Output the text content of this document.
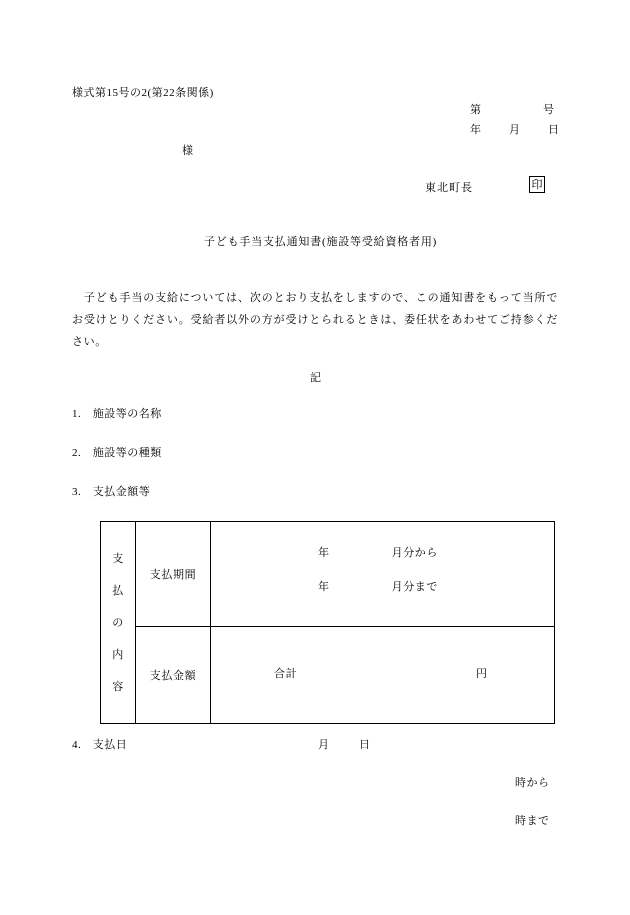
様式第15号の2(第22条関係)
第	号
年	月	日
様
東北町長	印
子ども手当支払通知書(施設等受給資格者用)
　子ども手当の支給については、次のとおり支払をしますので、この通知書をもって当所でお受けとりください。受給者以外の方が受けとられるときは、委任状をあわせてご持参ください。
記
1.　 施設等の名称
2.　 施設等の種類
3.　 支払金額等
支
払
の
内
容
	支払期間	
年	月分から
年	月分まで

	支払金額	合計 円
4.　 支払日	月	日
時から
時まで
